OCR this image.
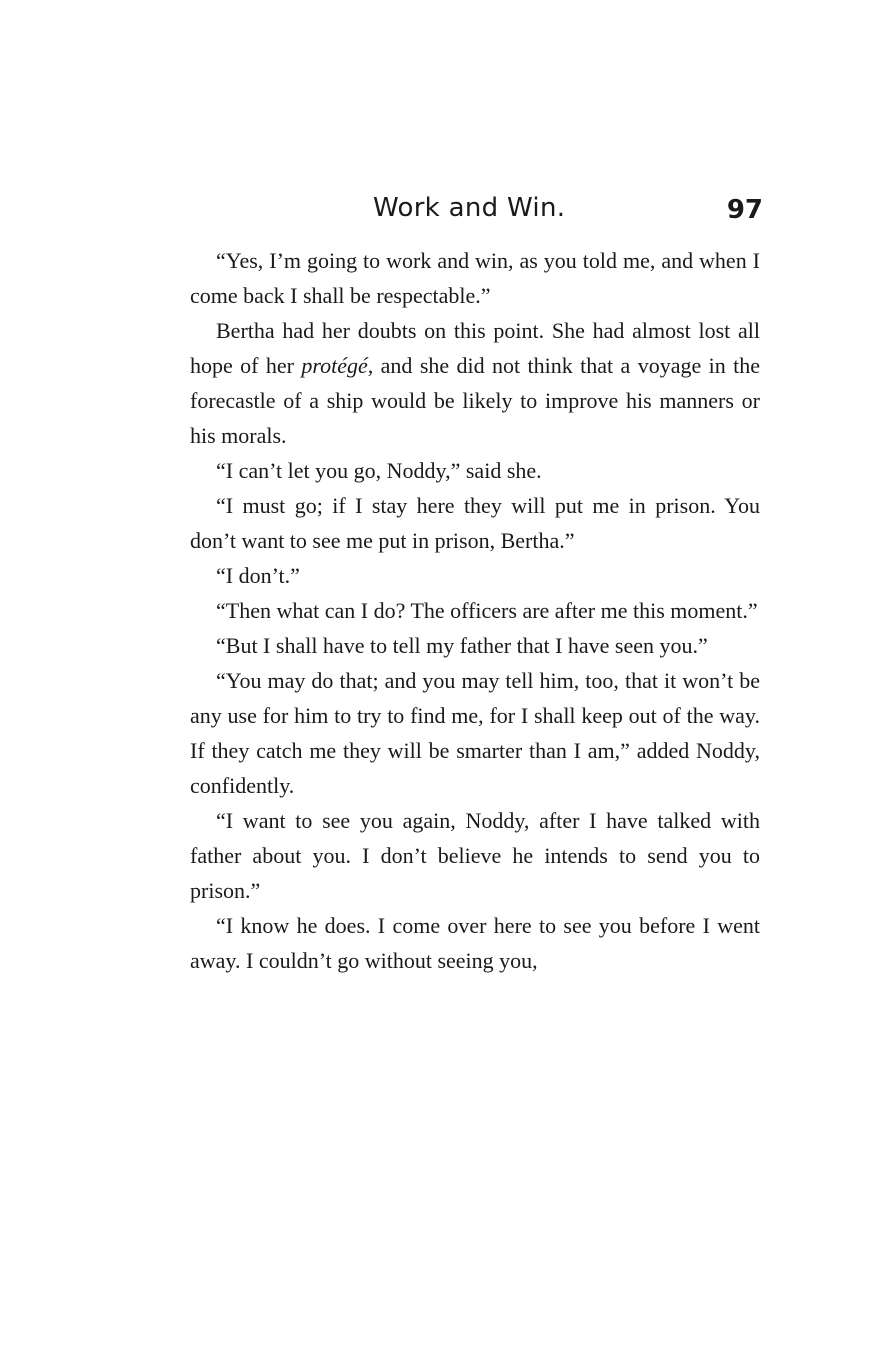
Work and Win.	97

“Yes, I’m going to work and win, as you told me, and when I come back I shall be respectable.”

Bertha had her doubts on this point. She had almost lost all hope of her protégé, and she did not think that a voyage in the forecastle of a ship would be likely to improve his manners or his morals.

“I can’t let you go, Noddy,” said she.

“I must go; if I stay here they will put me in prison. You don’t want to see me put in prison, Bertha.”

“I don’t.”

“Then what can I do? The officers are after me this moment.”

“But I shall have to tell my father that I have seen you.”

“You may do that; and you may tell him, too, that it won’t be any use for him to try to find me, for I shall keep out of the way. If they catch me they will be smarter than I am,” added Noddy, confidently.

“I want to see you again, Noddy, after I have talked with father about you. I don’t believe he intends to send you to prison.”

“I know he does. I come over here to see you before I went away. I couldn’t go without seeing you,
